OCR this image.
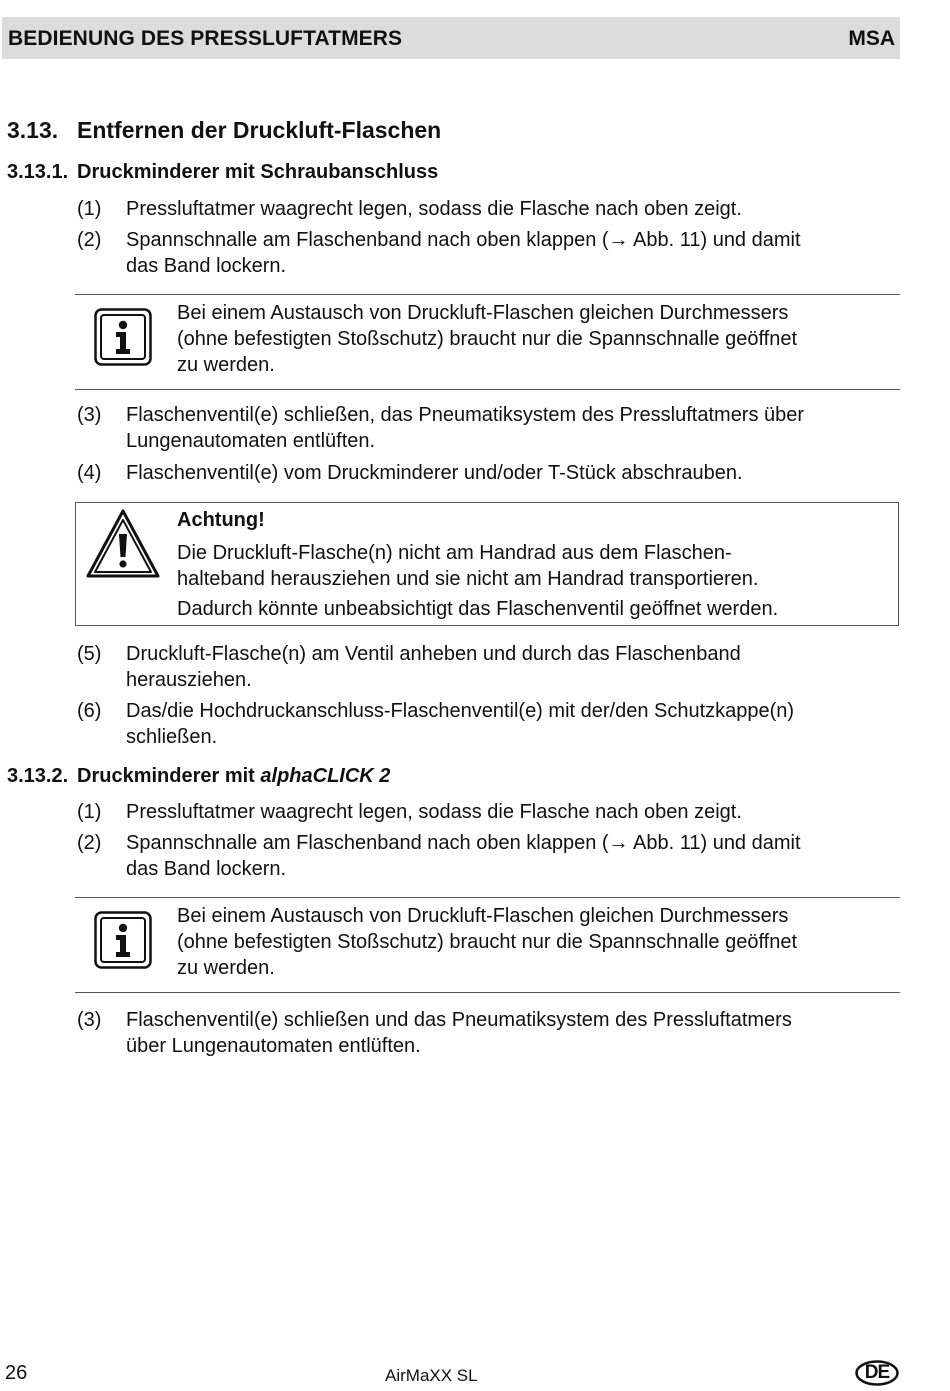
BEDIENUNG DES PRESSLUFTATMERS	MSA
3.13. Entfernen der Druckluft-Flaschen
3.13.1. Druckminderer mit Schraubanschluss
(1) Pressluftatmer waagrecht legen, sodass die Flasche nach oben zeigt.
(2) Spannschnalle am Flaschenband nach oben klappen (→ Abb. 11) und damit
das Band lockern.
Bei einem Austausch von Druckluft-Flaschen gleichen Durchmessers
(ohne befestigten Stoßschutz) braucht nur die Spannschnalle geöffnet
zu werden.
(3) Flaschenventil(e) schließen, das Pneumatiksystem des Pressluftatmers über
Lungenautomaten entlüften.
(4) Flaschenventil(e) vom Druckminderer und/oder T-Stück abschrauben.
Achtung!
Die Druckluft-Flasche(n) nicht am Handrad aus dem Flaschen-
halteband herausziehen und sie nicht am Handrad transportieren.
Dadurch könnte unbeabsichtigt das Flaschenventil geöffnet werden.
(5) Druckluft-Flasche(n) am Ventil anheben und durch das Flaschenband
herausziehen.
(6) Das/die Hochdruckanschluss-Flaschenventil(e) mit der/den Schutzkappe(n)
schließen.
3.13.2. Druckminderer mit alphaCLICK 2
(1) Pressluftatmer waagrecht legen, sodass die Flasche nach oben zeigt.
(2) Spannschnalle am Flaschenband nach oben klappen (→ Abb. 11) und damit
das Band lockern.
Bei einem Austausch von Druckluft-Flaschen gleichen Durchmessers
(ohne befestigten Stoßschutz) braucht nur die Spannschnalle geöffnet
zu werden.
(3) Flaschenventil(e) schließen und das Pneumatiksystem des Pressluftatmers
über Lungenautomaten entlüften.
26	AirMaXX SL	DE
